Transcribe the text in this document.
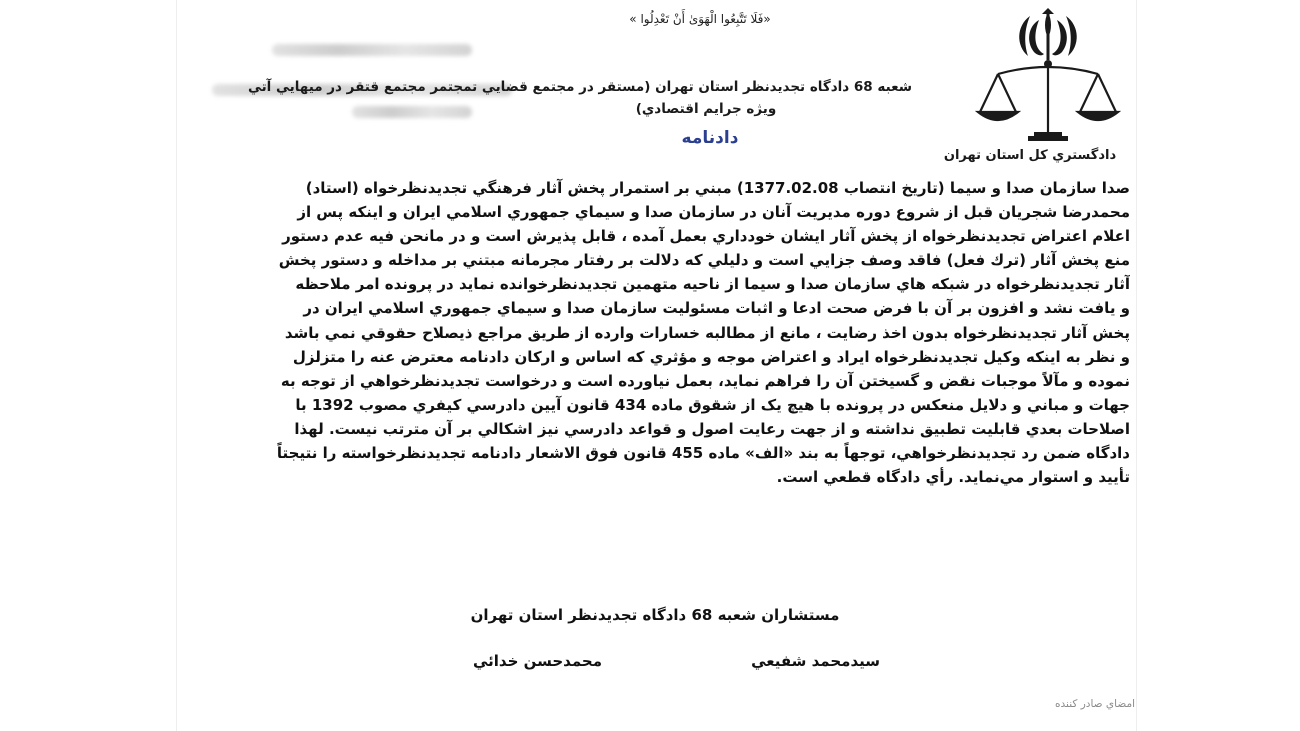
دادگستري كل استان تهران
«فَلَا تَتَّبِعُوا الْهَوَىٰ أَنْ تَعْدِلُوا »
شعبه 68 دادگاه تجديدنظر استان تهران (مستقر در مجتمع قضايي تمجتمر مجتمع قتقر در ميهايي آتي
ويژه جرايم اقتصادي)
دادنامه
صدا سازمان صدا و سيما (تاريخ انتصاب 1377.02.08) مبني بر استمرار پخش آثار فرهنگي تجديدنظرخواه (استاد)
محمدرضا شجريان قبل از شروع دوره مديريت آنان در سازمان صدا و سيماي جمهوري اسلامي ايران و اينكه پس از
اعلام اعتراض تجديدنظرخواه از پخش آثار ايشان خودداري بعمل آمده ، قابل پذيرش است و در مانحن فيه عدم دستور
منع پخش آثار (ترك فعل) فاقد وصف جزايي است و دليلي كه دلالت بر رفتار مجرمانه مبتني بر مداخله و دستور پخش
آثار تجديدنظرخواه در شبكه هاي سازمان صدا و سيما از ناحيه متهمين تجديدنظرخوانده نمايد در پرونده امر ملاحظه
و يافت نشد و افزون بر آن با فرض صحت ادعا و اثبات مسئوليت سازمان صدا و سيماي جمهوري اسلامي ايران در
پخش آثار تجديدنظرخواه بدون اخذ رضايت ، مانع از مطالبه خسارات وارده از طريق مراجع ذيصلاح حقوقي نمي باشد
و نظر به اينكه وكيل تجديدنظرخواه ايراد و اعتراض موجه و مؤثري كه اساس و اركان دادنامه معترض عنه را متزلزل
نموده و مآلاً موجبات نقض و گسيختن آن را فراهم نمايد، بعمل نياورده است و درخواست تجديدنظرخواهي از توجه به
جهات و مباني و دلايل منعكس در پرونده با هيچ يک از شقوق ماده 434 قانون آيين دادرسي كيفري مصوب 1392 با
اصلاحات بعدي قابليت تطبيق نداشته و از جهت رعايت اصول و قواعد دادرسي نيز اشكالي بر آن مترتب نيست. لهذا
دادگاه ضمن رد تجديدنظرخواهي، توجهاً به بند «الف» ماده 455 قانون فوق الاشعار دادنامه تجديدنظرخواسته را نتيجتاً
تأييد و استوار مي‌نمايد. رأي دادگاه قطعي است.
مستشاران شعبه 68 دادگاه تجديدنظر استان تهران
سيدمحمد شفيعي
محمدحسن خدائي
امضاي صادر كننده
